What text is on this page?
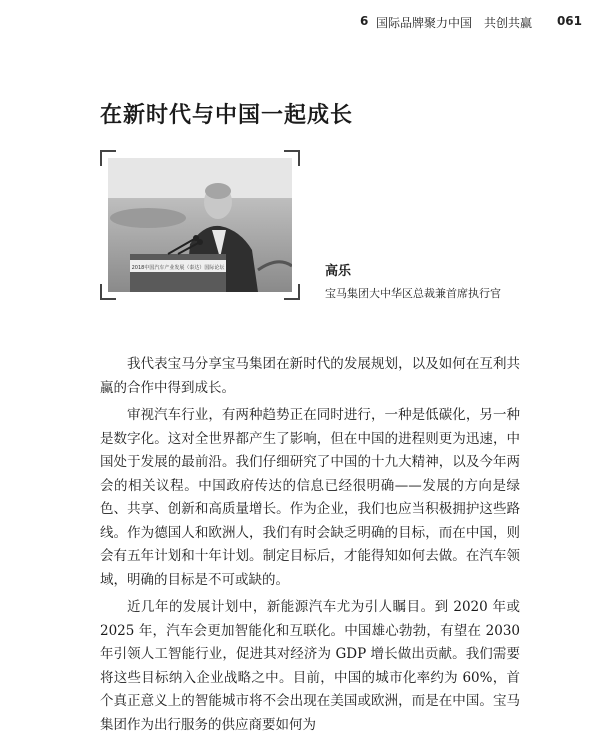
6 国际品牌聚力中国　共创共赢 061
在新时代与中国一起成长
2018中国汽车产业发展（泰达）国际论坛	高乐
宝马集团大中华区总裁兼首席执行官

我代表宝马分享宝马集团在新时代的发展规划，以及如何在互利共赢的合作中得到成长。

审视汽车行业，有两种趋势正在同时进行，一种是低碳化，另一种是数字化。这对全世界都产生了影响，但在中国的进程则更为迅速，中国处于发展的最前沿。我们仔细研究了中国的十九大精神，以及今年两会的相关议程。中国政府传达的信息已经很明确——发展的方向是绿色、共享、创新和高质量增长。作为企业，我们也应当积极拥护这些路线。作为德国人和欧洲人，我们有时会缺乏明确的目标，而在中国，则会有五年计划和十年计划。制定目标后，才能得知如何去做。在汽车领域，明确的目标是不可或缺的。

近几年的发展计划中，新能源汽车尤为引人瞩目。到 2020 年或 2025 年，汽车会更加智能化和互联化。中国雄心勃勃，有望在 2030 年引领人工智能行业，促进其对经济为 GDP 增长做出贡献。我们需要将这些目标纳入企业战略之中。目前，中国的城市化率约为 60%，首个真正意义上的智能城市将不会出现在美国或欧洲，而是在中国。宝马集团作为出行服务的供应商要如何为
